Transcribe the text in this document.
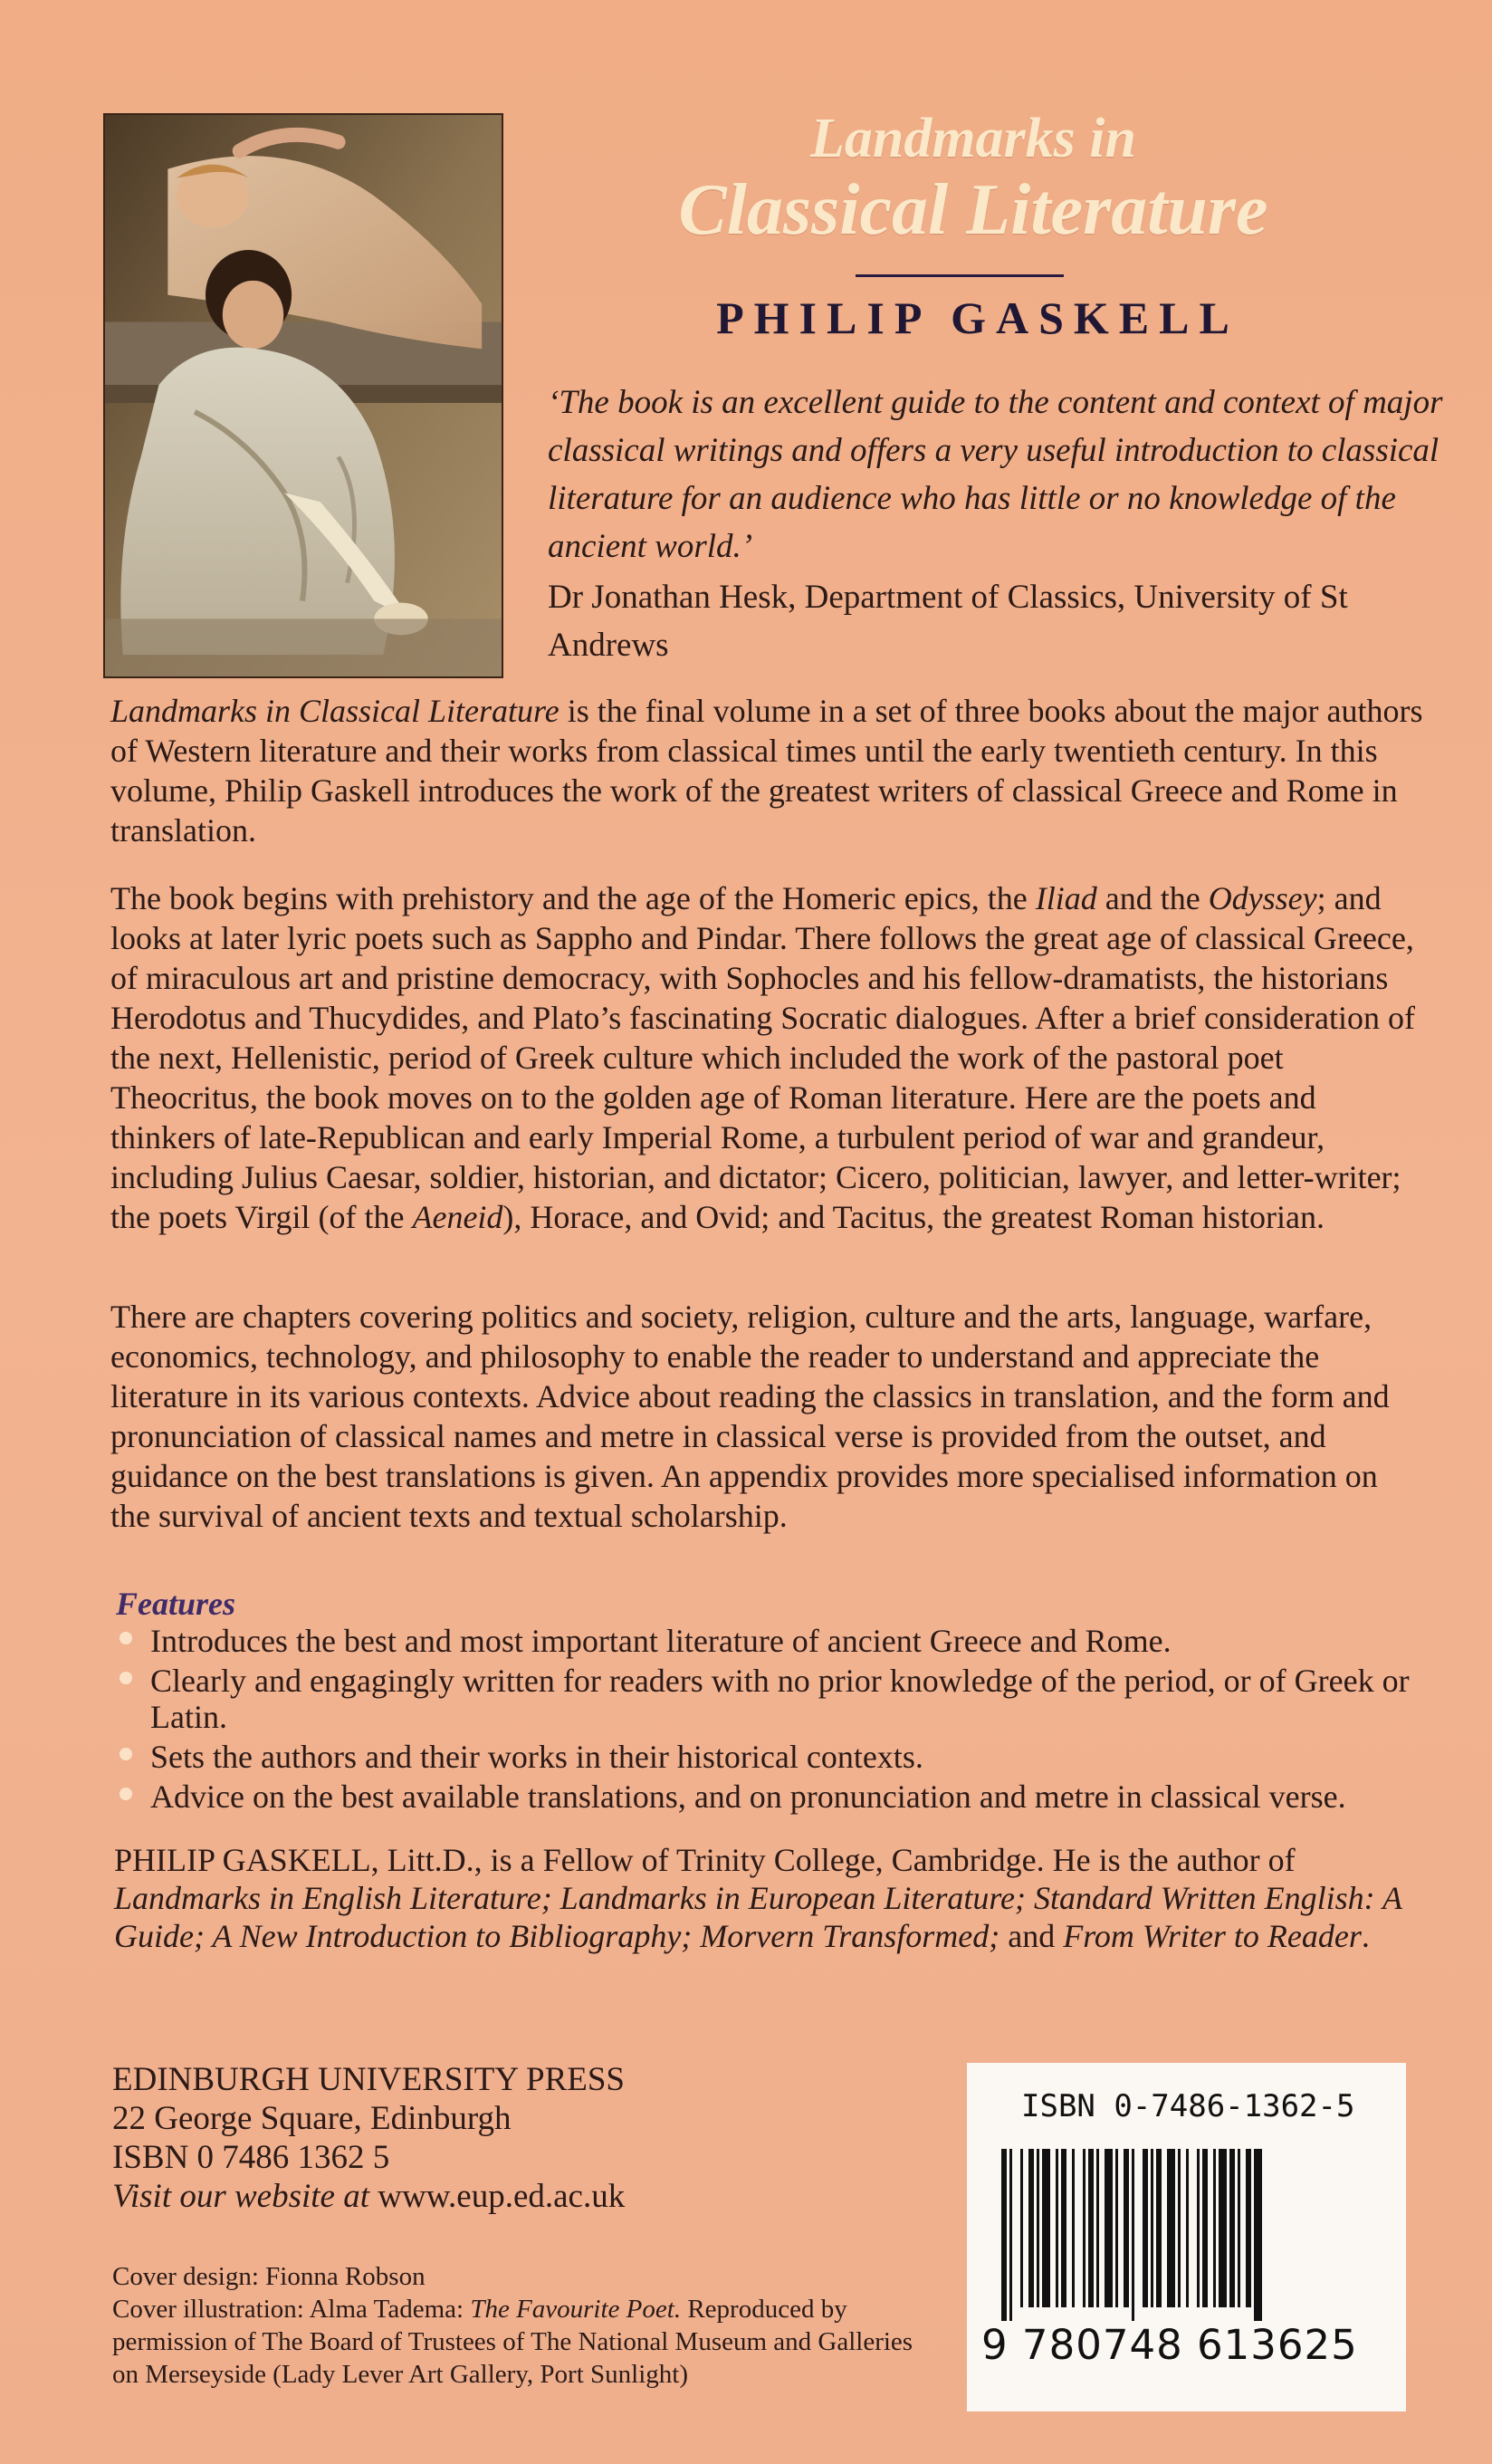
Landmarks in
Classical Literature
PHILIP GASKELL
‘The book is an excellent guide to the content and context of major classical writings and offers a very useful introduction to classical literature for an audience who has little or no knowledge of the ancient world.’
Dr Jonathan Hesk, Department of Classics, University of St Andrews
Landmarks in Classical Literature is the final volume in a set of three books about the major authors of Western literature and their works from classical times until the early twentieth century. In this volume, Philip Gaskell introduces the work of the greatest writers of classical Greece and Rome in translation.
The book begins with prehistory and the age of the Homeric epics, the Iliad and the Odyssey; and looks at later lyric poets such as Sappho and Pindar. There follows the great age of classical Greece, of miraculous art and pristine democracy, with Sophocles and his fellow-dramatists, the historians Herodotus and Thucydides, and Plato’s fascinating Socratic dialogues. After a brief consideration of the next, Hellenistic, period of Greek culture which included the work of the pastoral poet Theocritus, the book moves on to the golden age of Roman literature. Here are the poets and thinkers of late-Republican and early Imperial Rome, a turbulent period of war and grandeur, including Julius Caesar, soldier, historian, and dictator; Cicero, politician, lawyer, and letter-writer; the poets Virgil (of the Aeneid), Horace, and Ovid; and Tacitus, the greatest Roman historian.
There are chapters covering politics and society, religion, culture and the arts, language, warfare, economics, technology, and philosophy to enable the reader to understand and appreciate the literature in its various contexts. Advice about reading the classics in translation, and the form and pronunciation of classical names and metre in classical verse is provided from the outset, and guidance on the best translations is given. An appendix provides more specialised information on the survival of ancient texts and textual scholarship.
Features
Introduces the best and most important literature of ancient Greece and Rome.
Clearly and engagingly written for readers with no prior knowledge of the period, or of Greek or Latin.
Sets the authors and their works in their historical contexts.
Advice on the best available translations, and on pronunciation and metre in classical verse.
PHILIP GASKELL, Litt.D., is a Fellow of Trinity College, Cambridge. He is the author of Landmarks in English Literature; Landmarks in European Literature; Standard Written English: A Guide; A New Introduction to Bibliography; Morvern Transformed; and From Writer to Reader.
EDINBURGH UNIVERSITY PRESS
22 George Square, Edinburgh
ISBN 0 7486 1362 5
Visit our website at www.eup.ed.ac.uk
Cover design: Fionna Robson
Cover illustration: Alma Tadema: The Favourite Poet. Reproduced by permission of The Board of Trustees of The National Museum and Galleries on Merseyside (Lady Lever Art Gallery, Port Sunlight)
ISBN 0-7486-1362-5
9 780748 613625
